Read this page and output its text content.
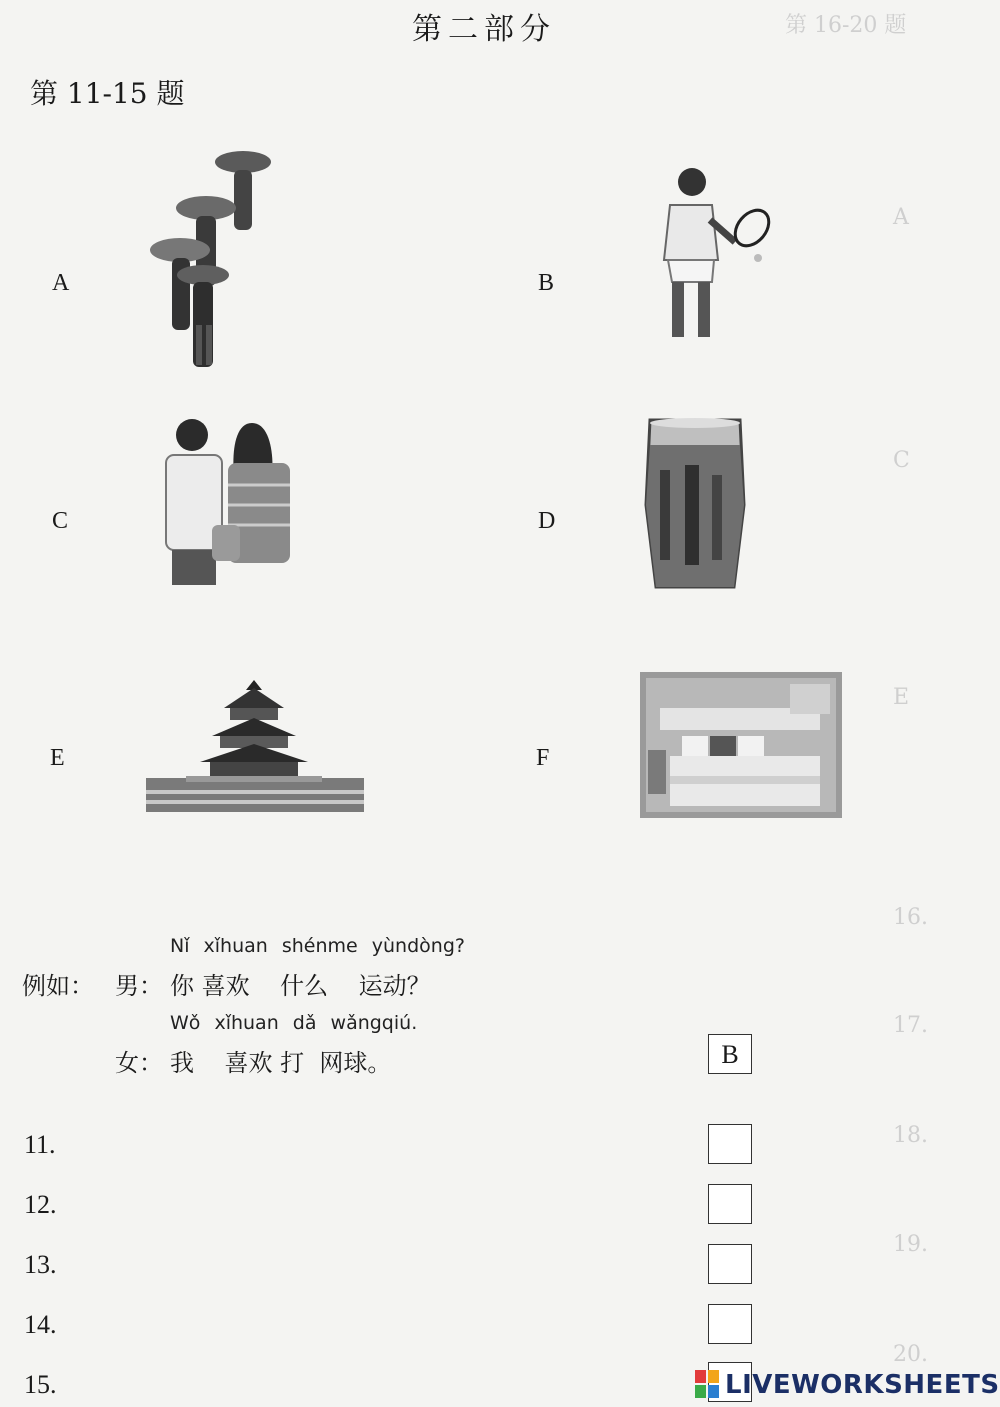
第 16-20 题
A
C
E
16.
17.
18.
19.
20.
第二部分
第 11-15 题
A	B
C	D
E	F
Nǐ xǐhuan shénme yùndòng?
例如： 男： 你 喜欢    什么    运动？
Wǒ xǐhuan dǎ wǎngqiú.
女： 我    喜欢 打  网球。	B
11.
12.
13.
14.
15.	LIVEWORKSHEETS
